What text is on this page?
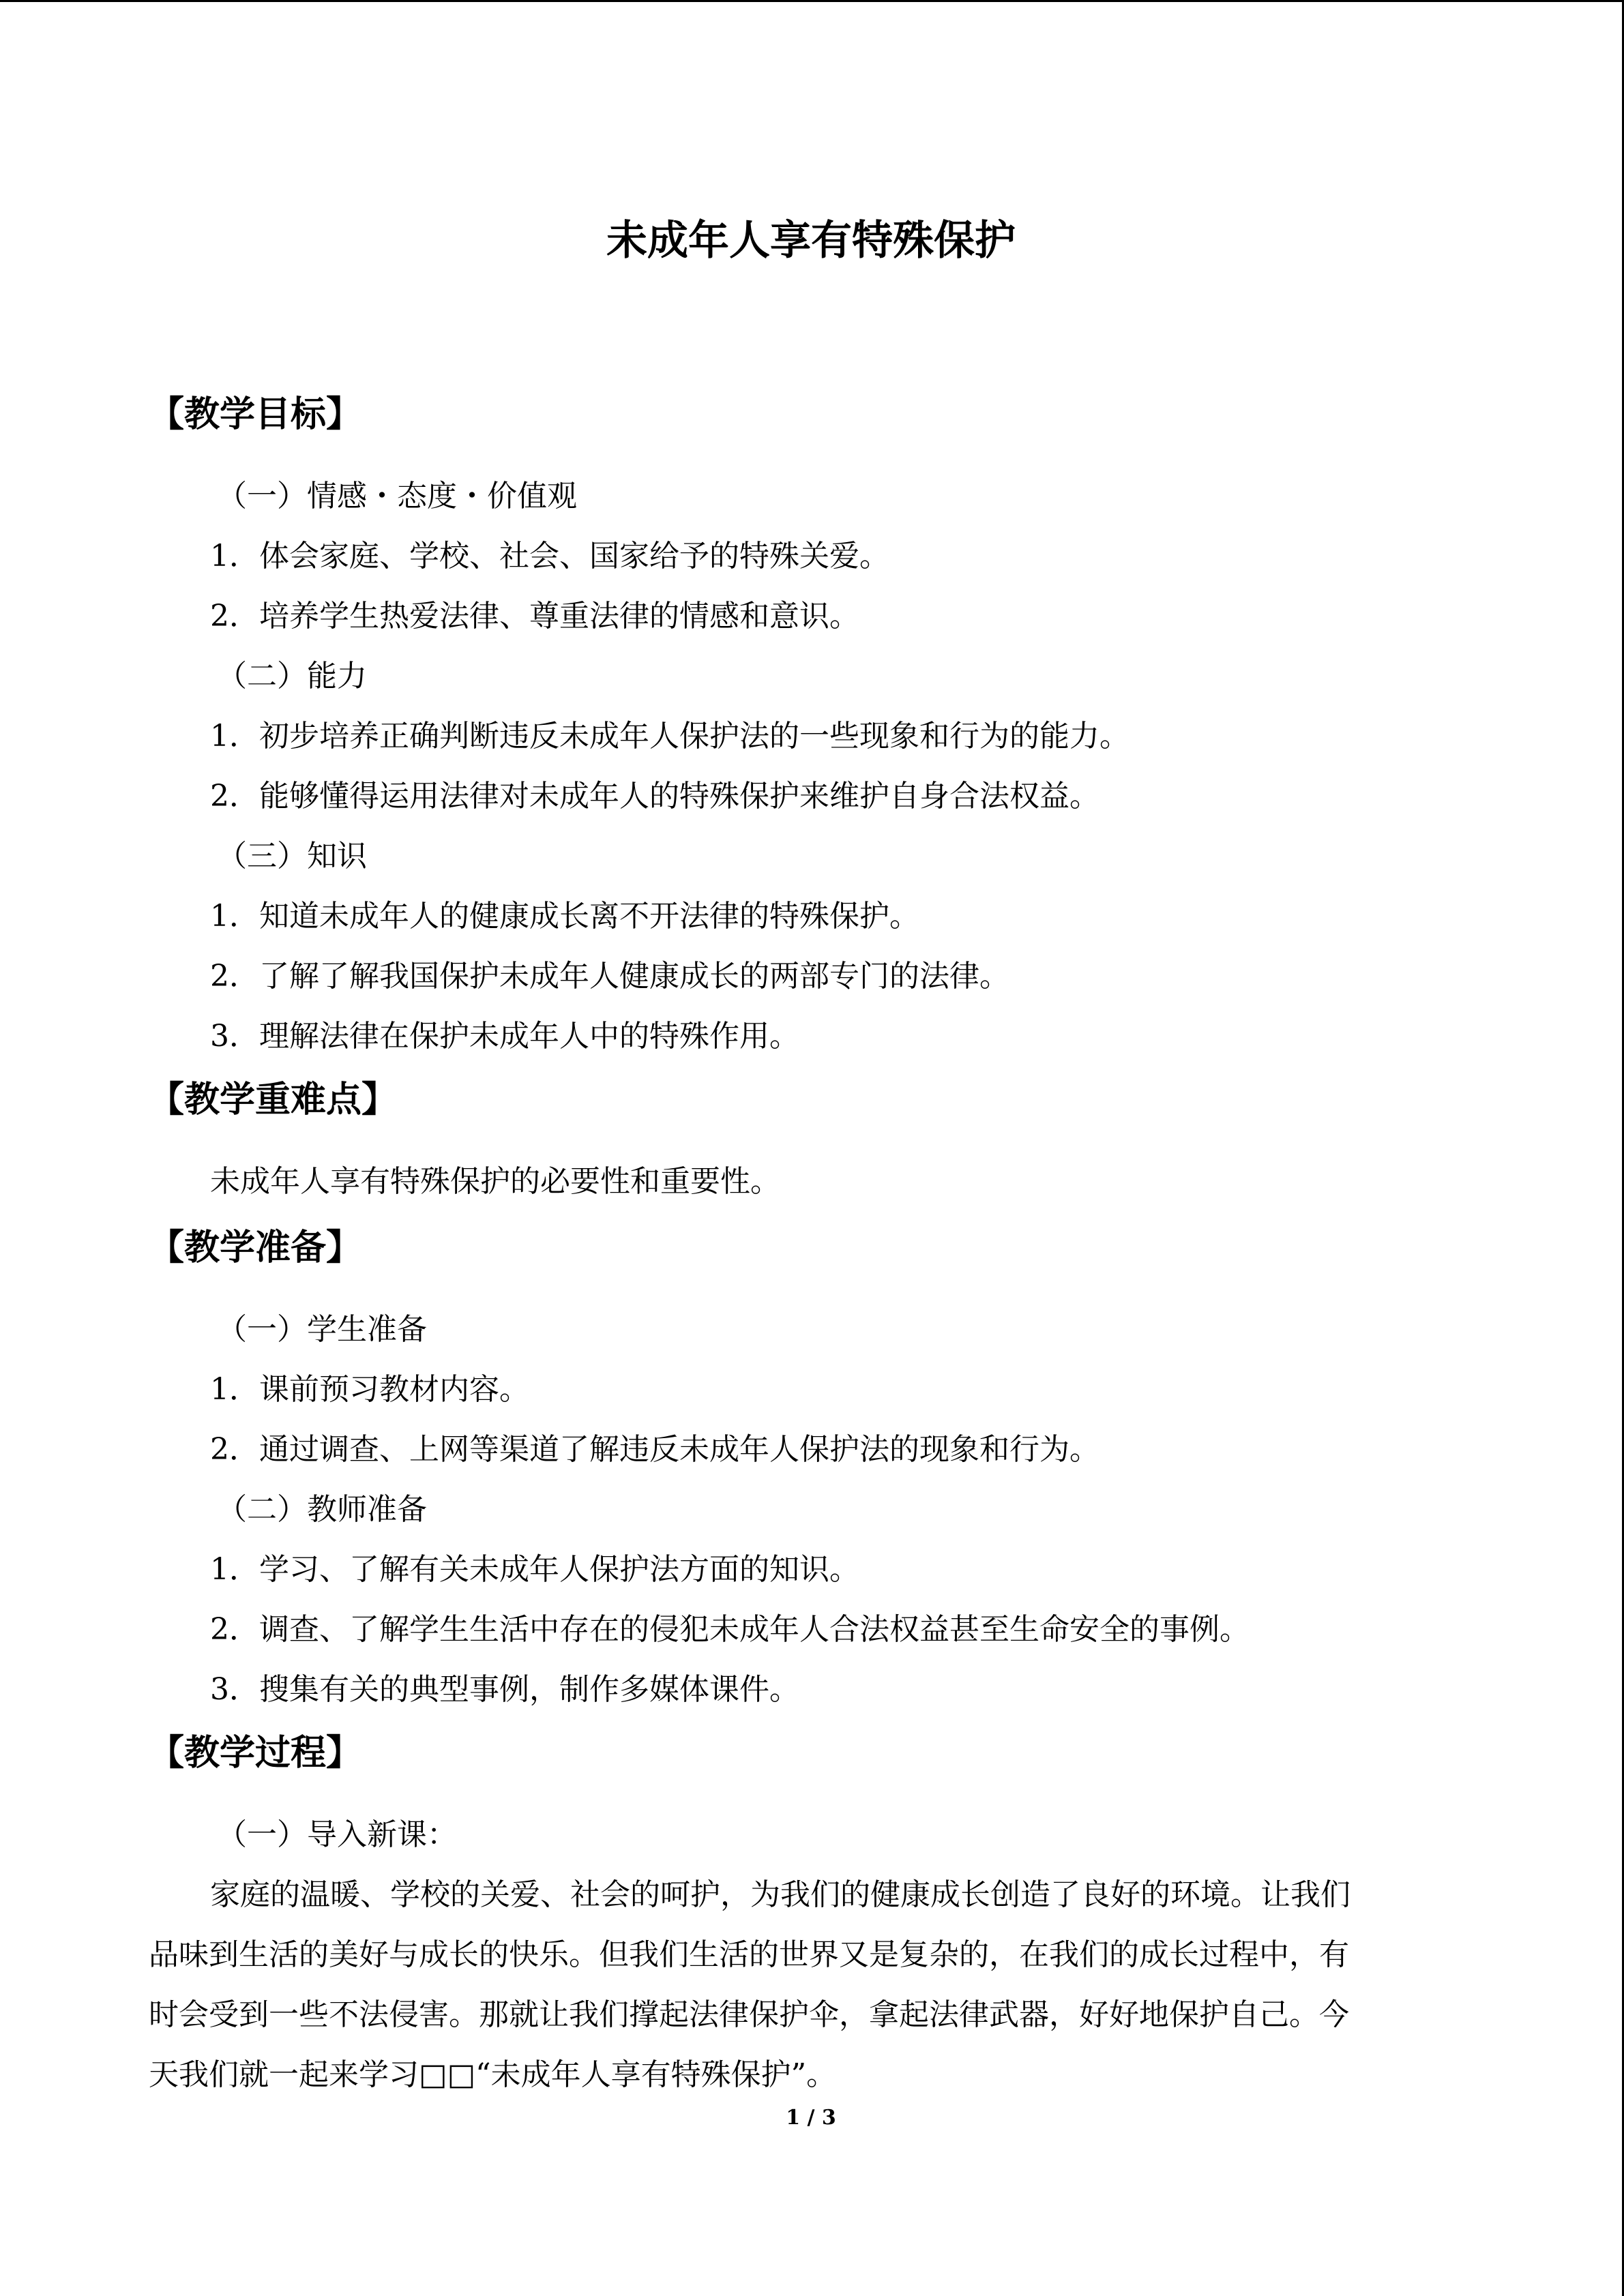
未成年人享有特殊保护
【教学目标】
（一）情感・态度・价值观
1．体会家庭、学校、社会、国家给予的特殊关爱。
2．培养学生热爱法律、尊重法律的情感和意识。
（二）能力
1．初步培养正确判断违反未成年人保护法的一些现象和行为的能力。
2．能够懂得运用法律对未成年人的特殊保护来维护自身合法权益。
（三）知识
1．知道未成年人的健康成长离不开法律的特殊保护。
2．了解了解我国保护未成年人健康成长的两部专门的法律。
3．理解法律在保护未成年人中的特殊作用。
【教学重难点】
未成年人享有特殊保护的必要性和重要性。
【教学准备】
（一）学生准备
1．课前预习教材内容。
2．通过调查、上网等渠道了解违反未成年人保护法的现象和行为。
（二）教师准备
1．学习、了解有关未成年人保护法方面的知识。
2．调查、了解学生生活中存在的侵犯未成年人合法权益甚至生命安全的事例。
3．搜集有关的典型事例，制作多媒体课件。
【教学过程】
（一）导入新课：
家庭的温暖、学校的关爱、社会的呵护，为我们的健康成长创造了良好的环境。让我们
品味到生活的美好与成长的快乐。但我们生活的世界又是复杂的，在我们的成长过程中，有
时会受到一些不法侵害。那就让我们撑起法律保护伞，拿起法律武器，好好地保护自己。今
天我们就一起来学习□□“未成年人享有特殊保护”。
1 / 3
